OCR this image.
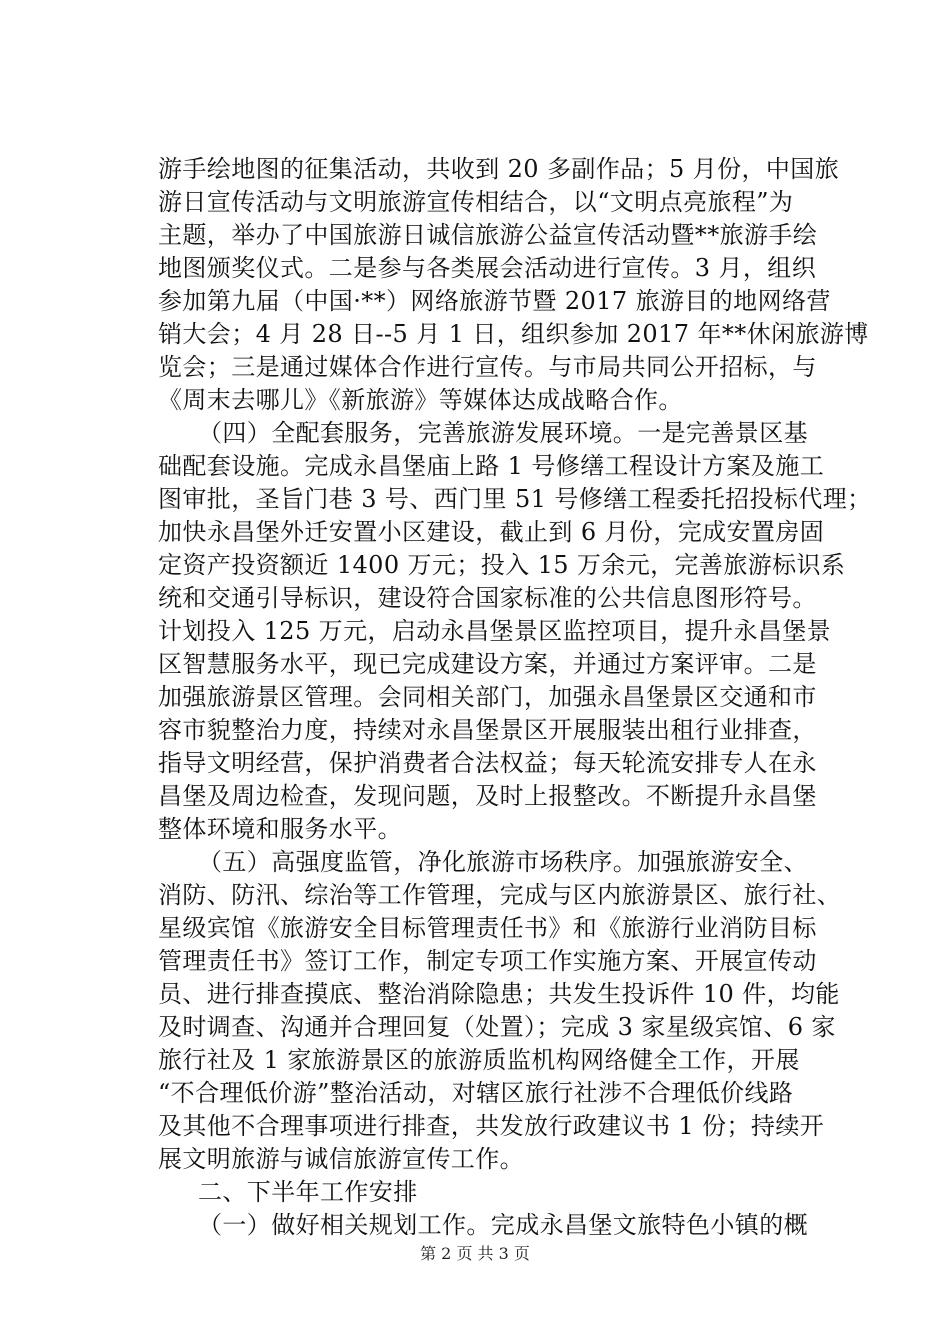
游手绘地图的征集活动，共收到 20 多副作品；5 月份，中国旅
游日宣传活动与文明旅游宣传相结合，以“文明点亮旅程”为
主题，举办了中国旅游日诚信旅游公益宣传活动暨**旅游手绘
地图颁奖仪式。二是参与各类展会活动进行宣传。3 月，组织
参加第九届（中国·**）网络旅游节暨 2017 旅游目的地网络营
销大会；4 月 28 日--5 月 1 日，组织参加 2017 年**休闲旅游博
览会；三是通过媒体合作进行宣传。与市局共同公开招标，与
《周末去哪儿》《新旅游》等媒体达成战略合作。
（四）全配套服务，完善旅游发展环境。一是完善景区基
础配套设施。完成永昌堡庙上路 1 号修缮工程设计方案及施工
图审批，圣旨门巷 3 号、西门里 51 号修缮工程委托招投标代理；
加快永昌堡外迁安置小区建设，截止到 6 月份，完成安置房固
定资产投资额近 1400 万元；投入 15 万余元，完善旅游标识系
统和交通引导标识，建设符合国家标准的公共信息图形符号。
计划投入 125 万元，启动永昌堡景区监控项目，提升永昌堡景
区智慧服务水平，现已完成建设方案，并通过方案评审。二是
加强旅游景区管理。会同相关部门，加强永昌堡景区交通和市
容市貌整治力度，持续对永昌堡景区开展服装出租行业排查，
指导文明经营，保护消费者合法权益；每天轮流安排专人在永
昌堡及周边检查，发现问题，及时上报整改。不断提升永昌堡
整体环境和服务水平。
（五）高强度监管，净化旅游市场秩序。加强旅游安全、
消防、防汛、综治等工作管理，完成与区内旅游景区、旅行社、
星级宾馆《旅游安全目标管理责任书》和《旅游行业消防目标
管理责任书》签订工作，制定专项工作实施方案、开展宣传动
员、进行排查摸底、整治消除隐患；共发生投诉件 10 件，均能
及时调查、沟通并合理回复（处置）；完成 3 家星级宾馆、6 家
旅行社及 1 家旅游景区的旅游质监机构网络健全工作，开展
“不合理低价游”整治活动，对辖区旅行社涉不合理低价线路
及其他不合理事项进行排查，共发放行政建议书 1 份；持续开
展文明旅游与诚信旅游宣传工作。
二、下半年工作安排
（一）做好相关规划工作。完成永昌堡文旅特色小镇的概
第 2 页 共 3 页
